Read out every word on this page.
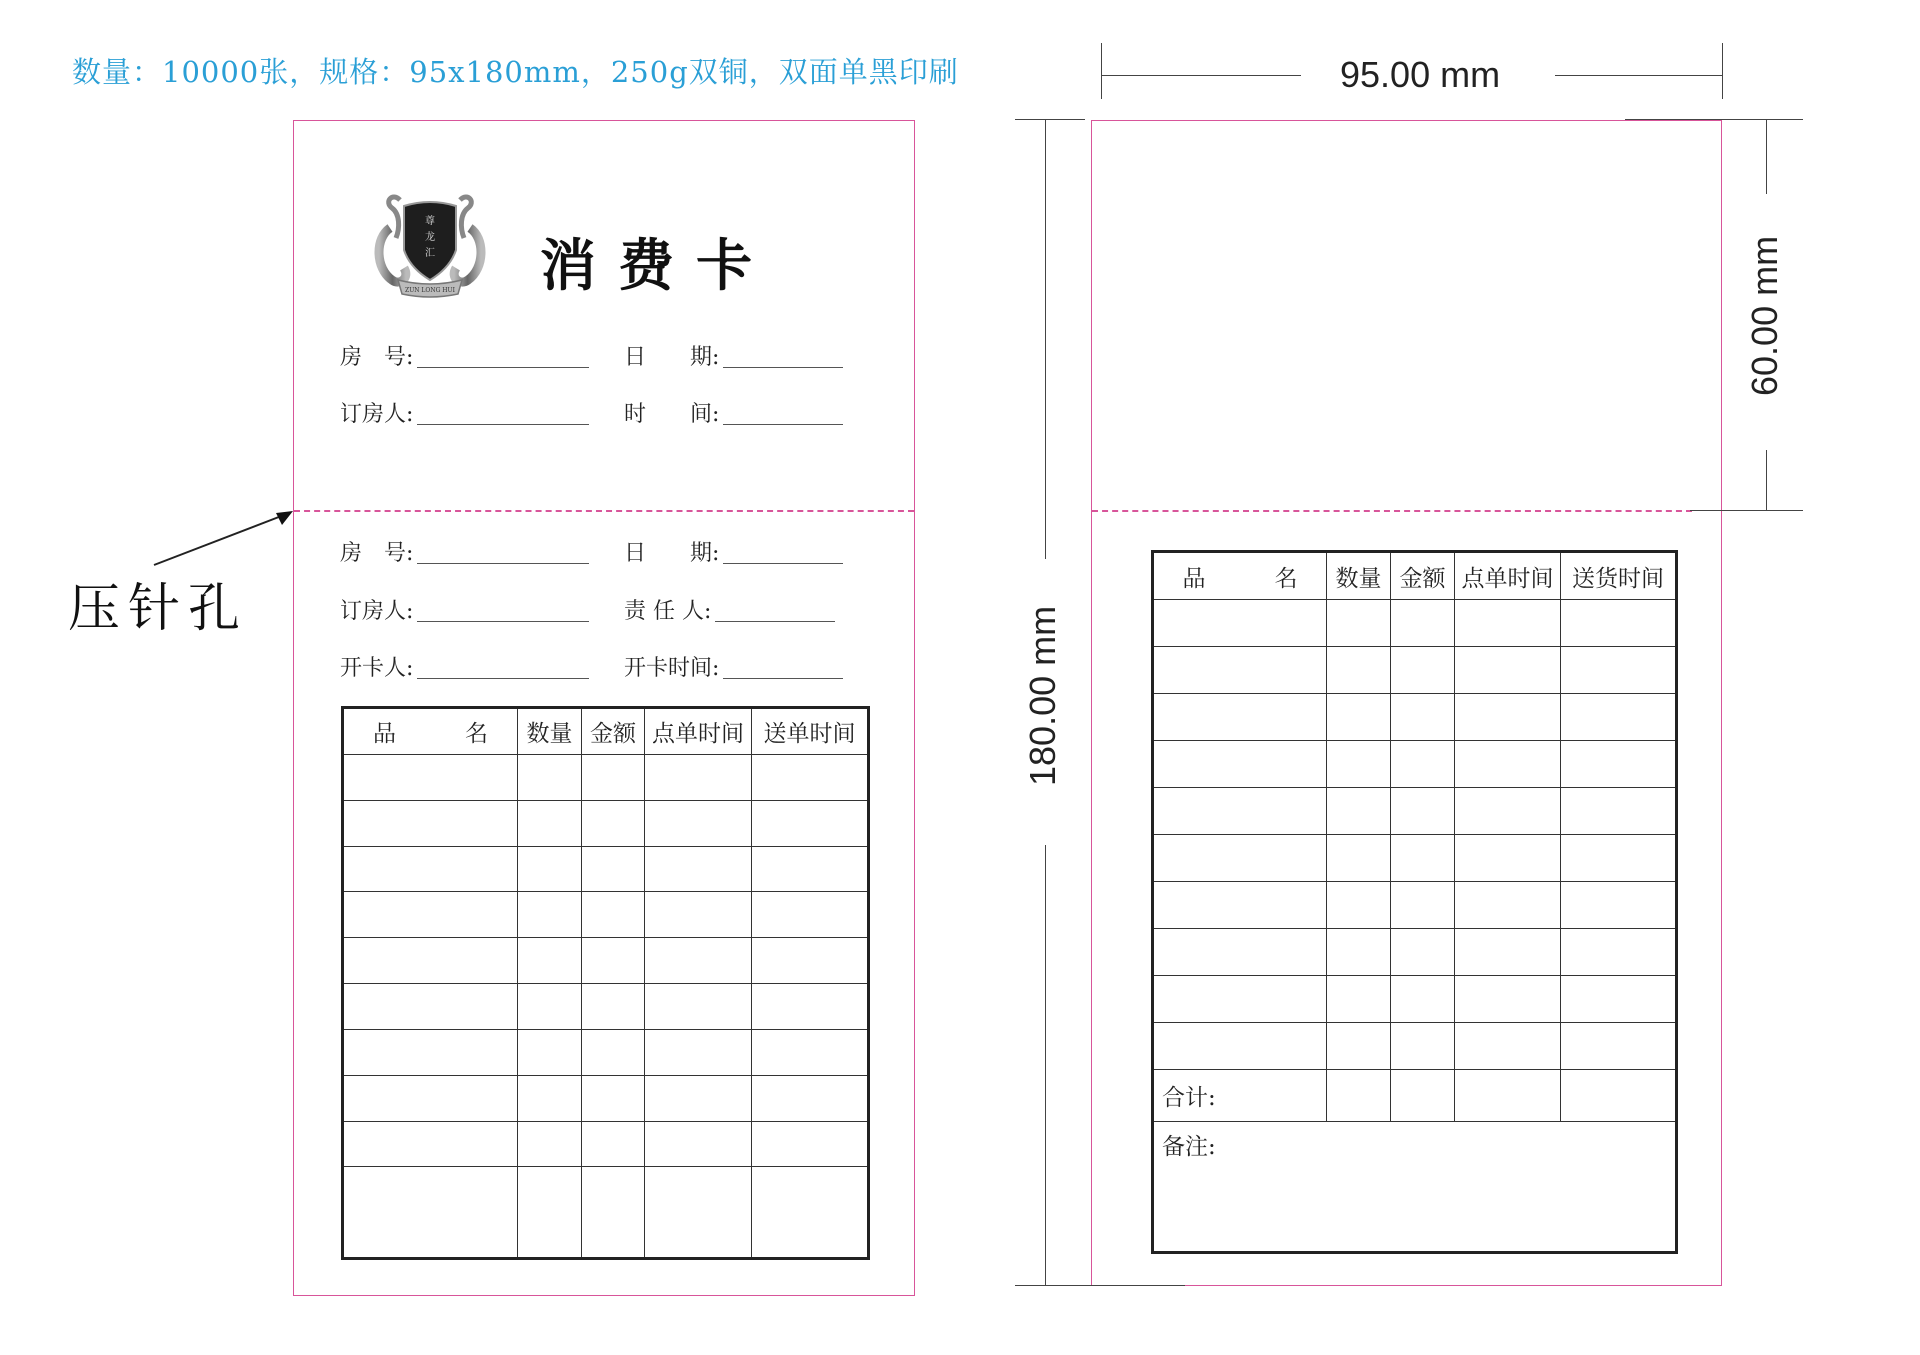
数量：10000张，规格：95x180mm，250g双铜，双面单黑印刷
尊
龙
汇
ZUN LONG HUI 消费卡
房　号:	日　　期:
订房人:	时　　间:
房　号:	日　　期:
订房人:	责 任 人:
开卡人:	开卡时间:
品　　　名	数量	金额	点单时间	送单时间

压针孔
95.00 mm
180.00 mm
60.00 mm
品　　　名	数量	金额	点单时间	送货时间

合计:				
备注:				
